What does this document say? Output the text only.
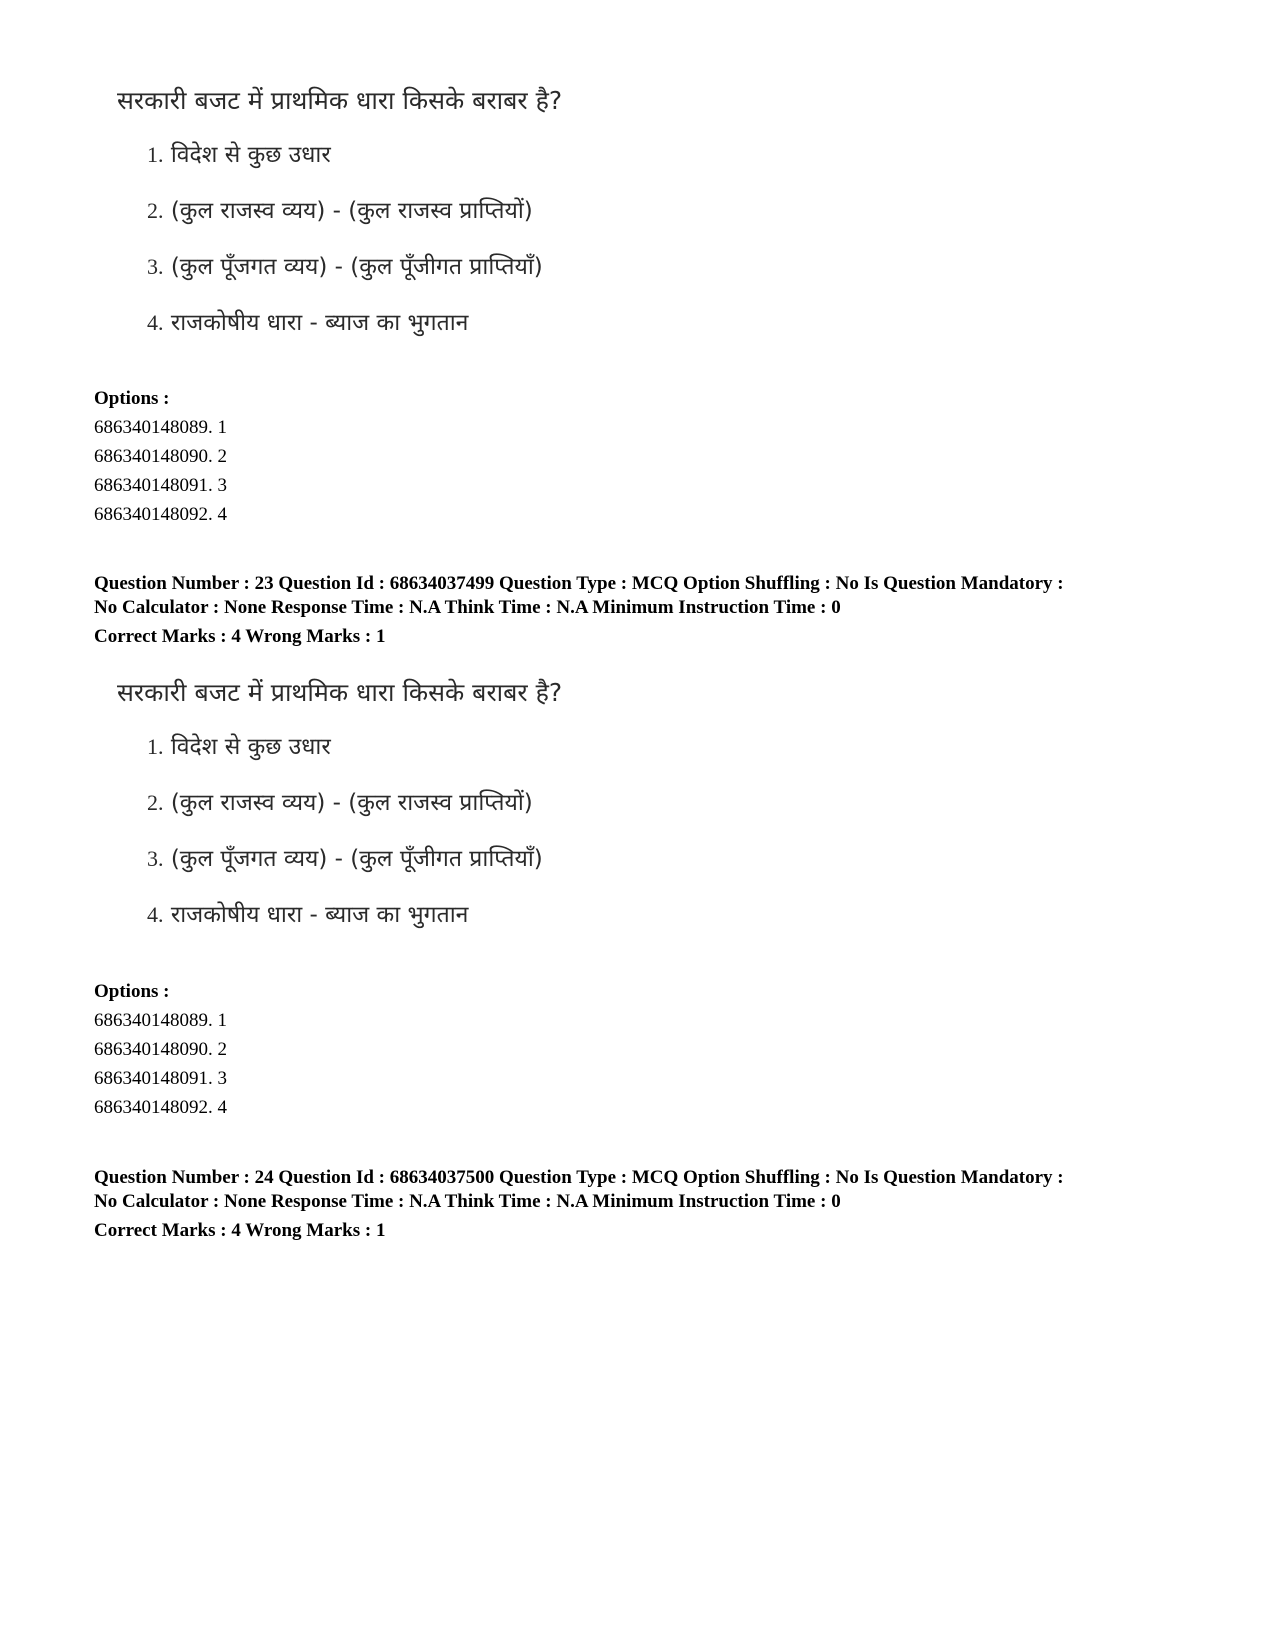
सरकारी बजट में प्राथमिक धारा किसके बराबर है?
1. विदेश से कुछ उधार
2. (कुल राजस्व व्यय) - (कुल राजस्व प्राप्तियों)
3. (कुल पूँजगत व्यय) - (कुल पूँजीगत प्राप्तियाँ)
4. राजकोषीय धारा - ब्याज का भुगतान
Options :
686340148089. 1
686340148090. 2
686340148091. 3
686340148092. 4
Question Number : 23 Question Id : 68634037499 Question Type : MCQ Option Shuffling : No Is Question Mandatory :
No Calculator : None Response Time : N.A Think Time : N.A Minimum Instruction Time : 0
Correct Marks : 4 Wrong Marks : 1
सरकारी बजट में प्राथमिक धारा किसके बराबर है?
1. विदेश से कुछ उधार
2. (कुल राजस्व व्यय) - (कुल राजस्व प्राप्तियों)
3. (कुल पूँजगत व्यय) - (कुल पूँजीगत प्राप्तियाँ)
4. राजकोषीय धारा - ब्याज का भुगतान
Options :
686340148089. 1
686340148090. 2
686340148091. 3
686340148092. 4
Question Number : 24 Question Id : 68634037500 Question Type : MCQ Option Shuffling : No Is Question Mandatory :
No Calculator : None Response Time : N.A Think Time : N.A Minimum Instruction Time : 0
Correct Marks : 4 Wrong Marks : 1
